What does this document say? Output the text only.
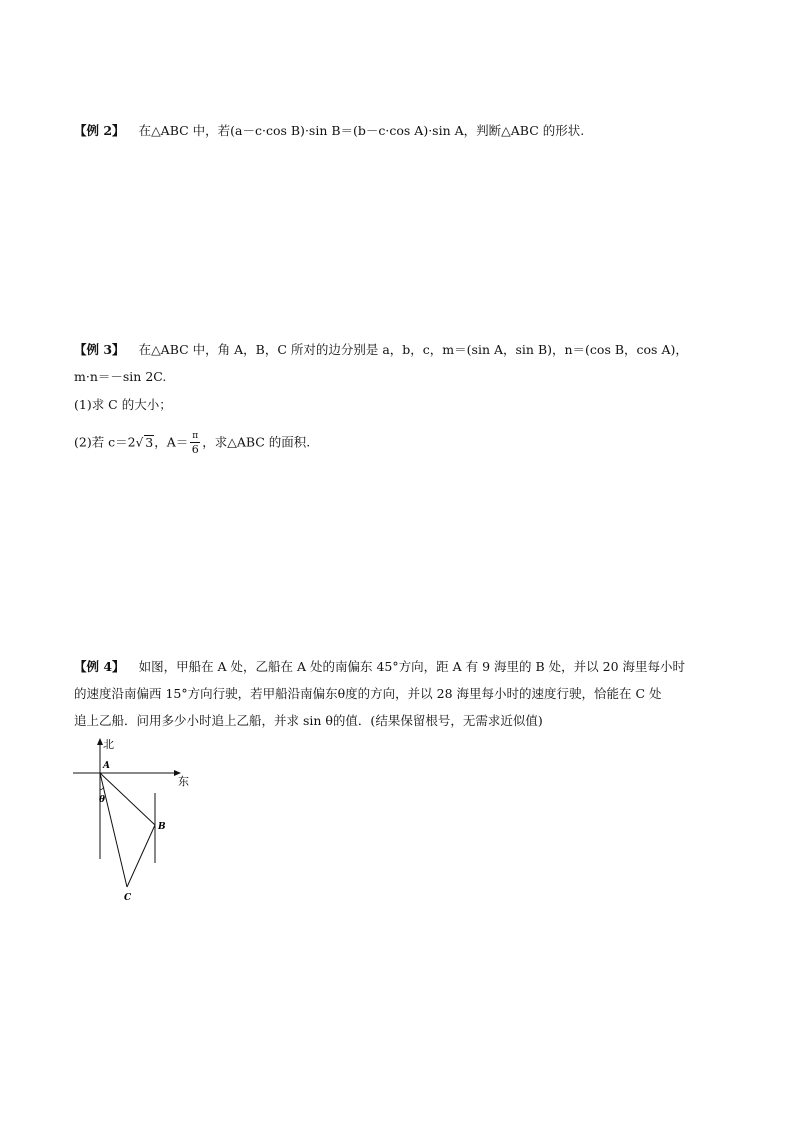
【例 2】 在△ABC 中，若(a－c·cos B)·sin B＝(b－c·cos A)·sin A，判断△ABC 的形状.
【例 3】 在△ABC 中，角 A，B，C 所对的边分别是 a，b，c，m＝(sin A，sin B)，n＝(cos B，cos A)，
m·n＝－sin 2C.
(1)求 C 的大小；
(2)若 c＝2√ 3，$A= \frac{\pi}{6}$ ，求△ABC 的面积.
【例 4】 如图，甲船在 A 处，乙船在 A 处的南偏东 45°方向，距 A 有 9 海里的 B 处，并以 20 海里每小时
的速度沿南偏西 15°方向行驶，若甲船沿南偏东θ度的方向，并以 28 海里每小时的速度行驶，恰能在 C 处
追上乙船．问用多少小时追上乙船，并求 sin θ的值．(结果保留根号，无需求近似值)
北
东
A
B
C
θ
